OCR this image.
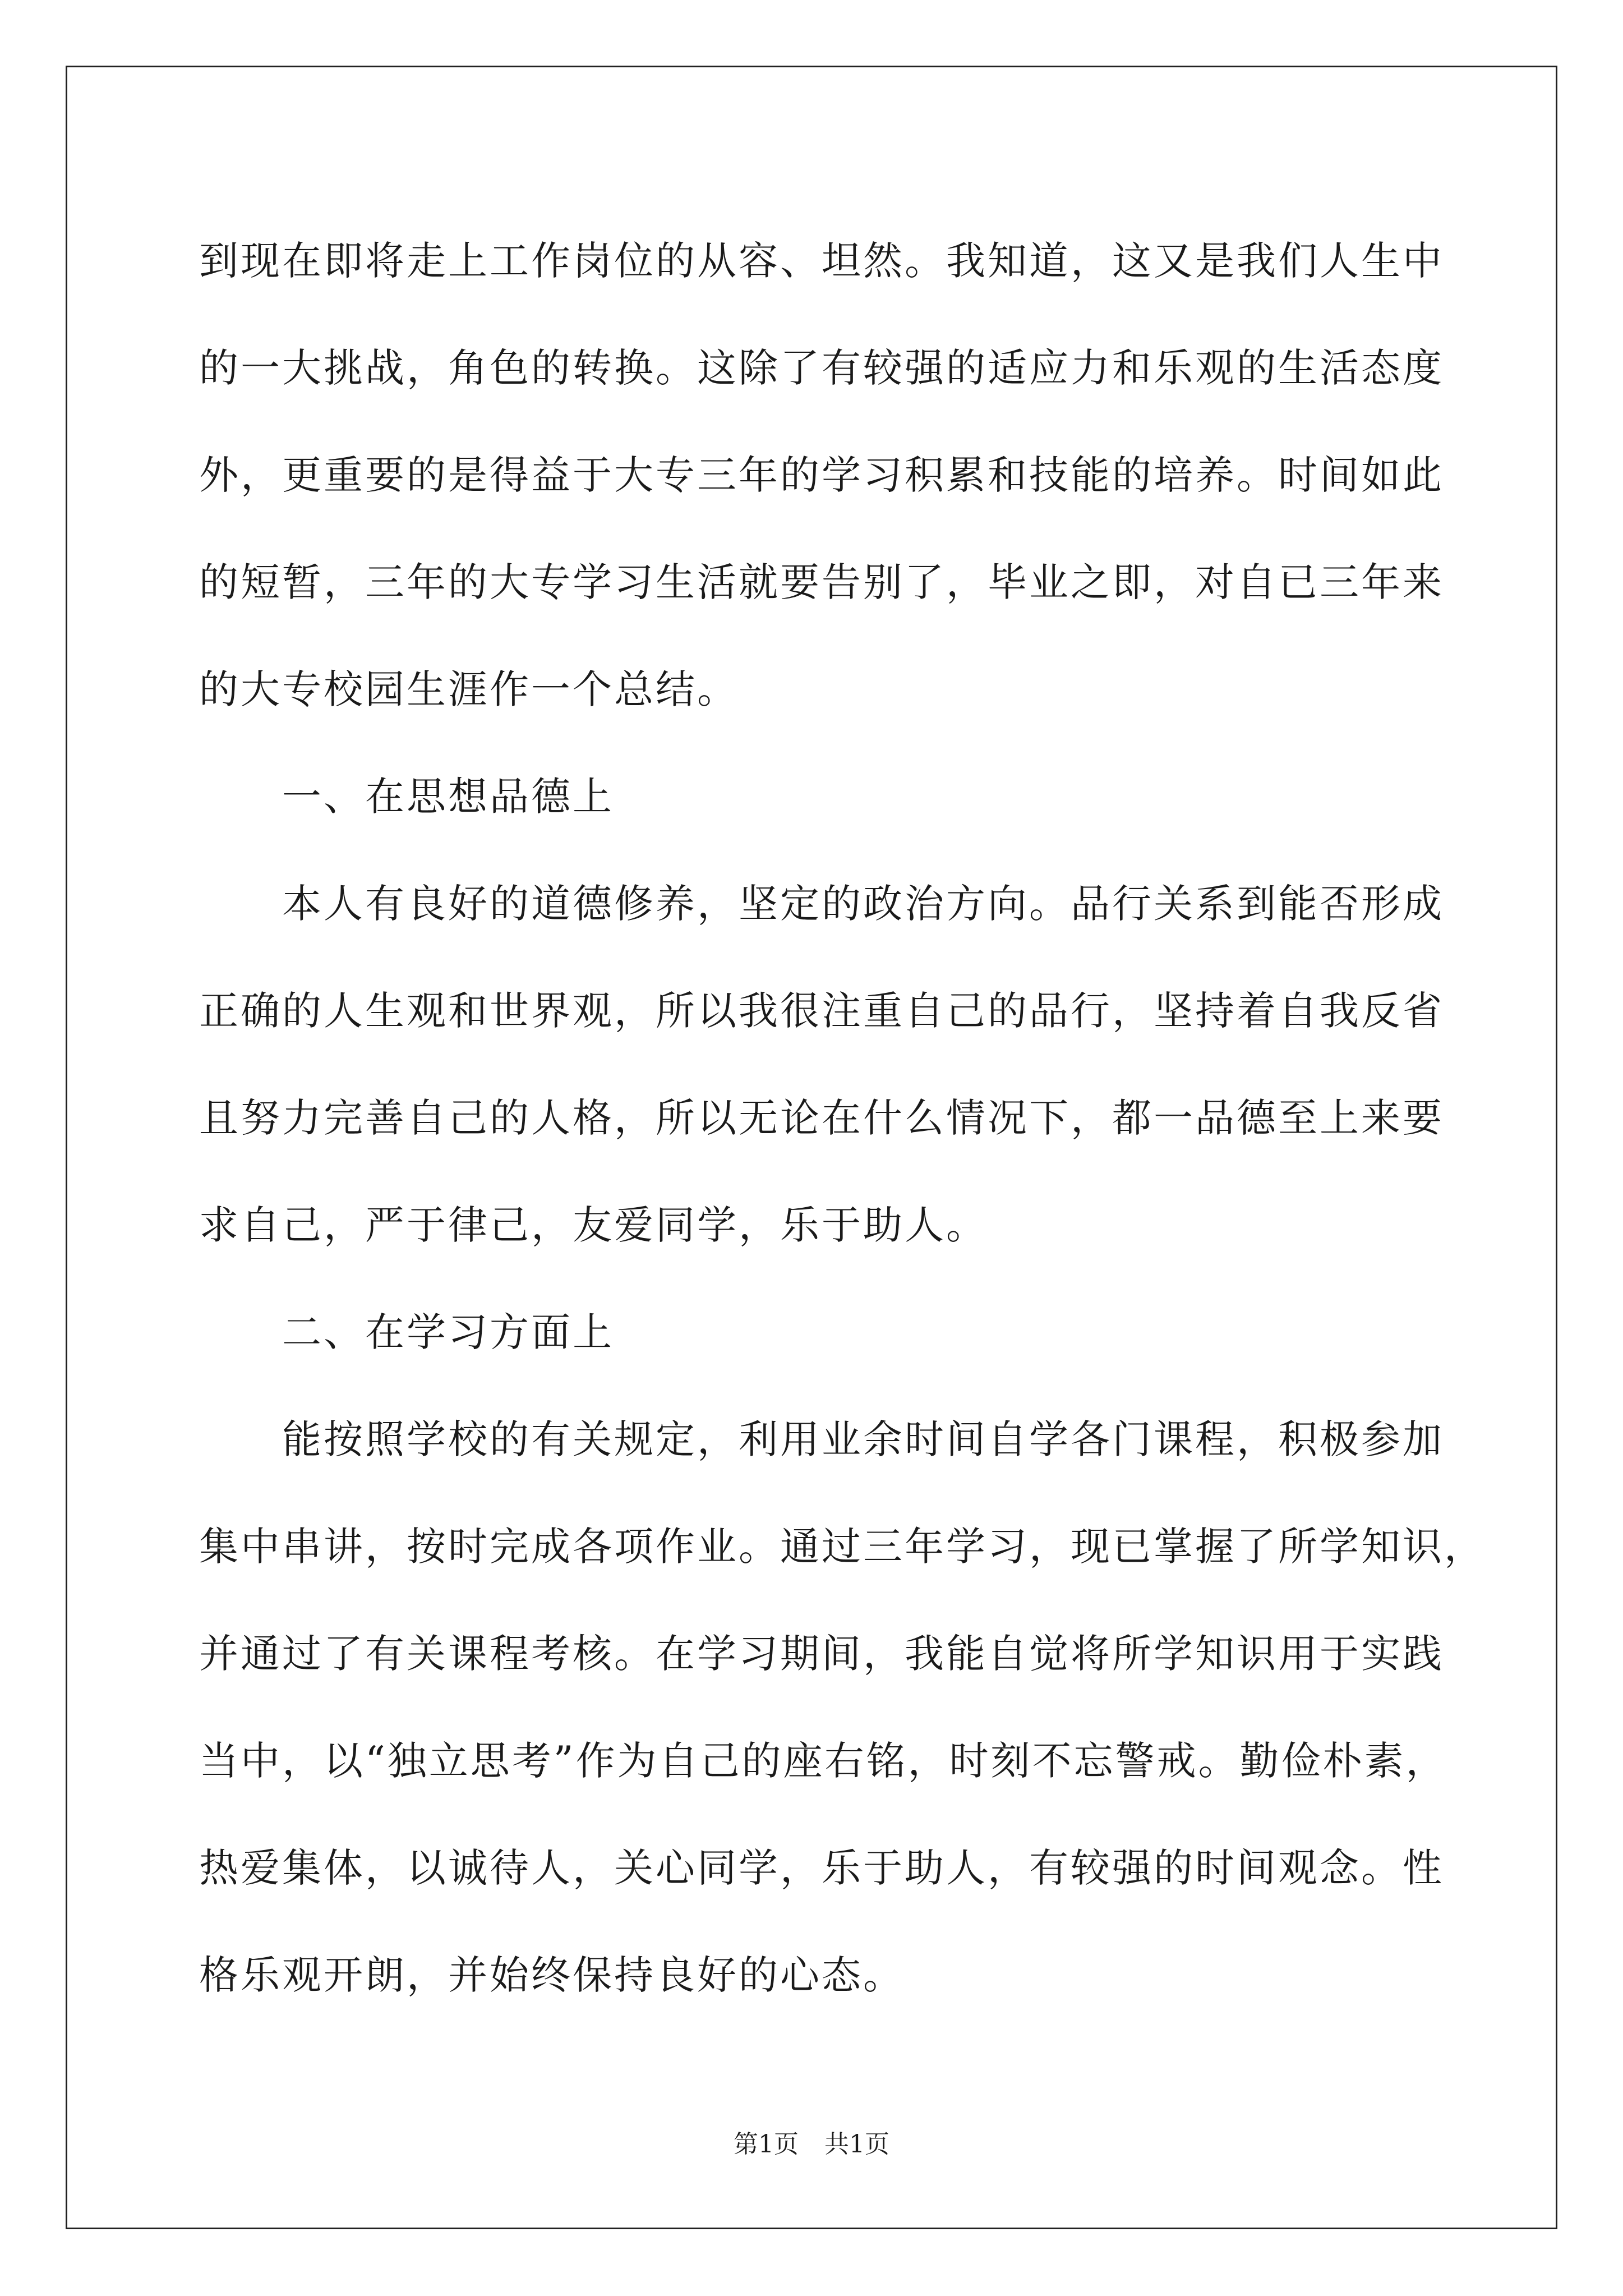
到现在即将走上工作岗位的从容、坦然。我知道，这又是我们人生中
的一大挑战，角色的转换。这除了有较强的适应力和乐观的生活态度
外，更重要的是得益于大专三年的学习积累和技能的培养。时间如此
的短暂，三年的大专学习生活就要告别了，毕业之即，对自已三年来
的大专校园生涯作一个总结。
　　一、在思想品德上
　　本人有良好的道德修养，坚定的政治方向。品行关系到能否形成
正确的人生观和世界观，所以我很注重自己的品行，坚持着自我反省
且努力完善自己的人格，所以无论在什么情况下，都一品德至上来要
求自己，严于律己，友爱同学，乐于助人。
　　二、在学习方面上
　　能按照学校的有关规定，利用业余时间自学各门课程，积极参加
集中串讲，按时完成各项作业。通过三年学习，现已掌握了所学知识，
并通过了有关课程考核。在学习期间，我能自觉将所学知识用于实践
当中，以“独立思考”作为自己的座右铭，时刻不忘警戒。勤俭朴素，
热爱集体，以诚待人，关心同学，乐于助人，有较强的时间观念。性
格乐观开朗，并始终保持良好的心态。
第1页 共1页
